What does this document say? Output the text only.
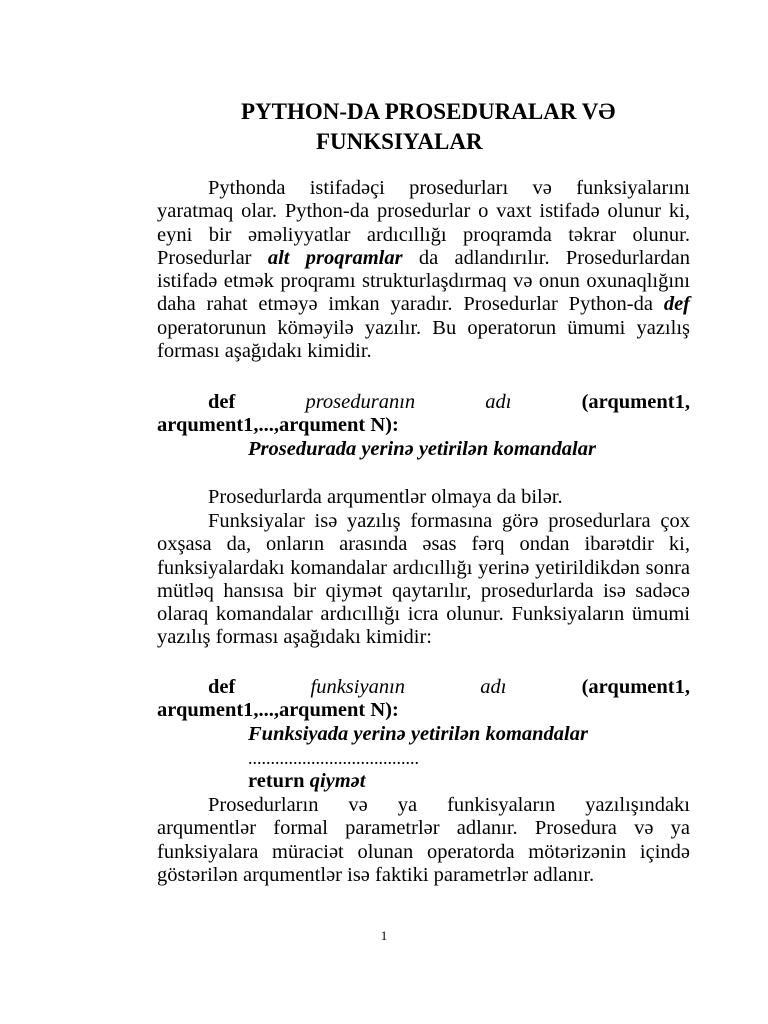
PYTHON-DA PROSEDURALAR VƏ
FUNKSIYALAR
Pythonda istifadəçi prosedurları və funksiyalarını yaratmaq olar. Python-da prosedurlar o vaxt istifadə olunur ki, eyni bir əməliyyatlar ardıcıllığı proqramda təkrar olunur. Prosedurlar alt proqramlar da adlandırılır. Prosedurlardan istifadə etmək proqramı strukturlaşdırmaq və onun oxunaqlığını daha rahat etməyə imkan yaradır. Prosedurlar Python-da def operatorunun köməyilə yazılır. Bu operatorun ümumi yazılış forması aşağıdakı kimidir.
def	prosedurаnın	adı	(arqument1,
arqument1,...,arqument N):
Prosedurada yerinə yetirilən komandalar
Prosedurlarda arqumentlər olmaya da bilər.
Funksiyalar isə yazılış formasına görə prosedurlara çox oxşasa da, onların arasında əsas fərq ondan ibarətdir ki, funksiyalardakı komandalar ardıcıllığı yerinə yetirildikdən sonra mütləq hansısa bir qiymət qaytarılır, prosedurlarda isə sadəcə olaraq komandalar ardıcıllığı icra olunur. Funksiyaların ümumi yazılış forması aşağıdakı kimidir:
def	funksiyanın	adı	(arqument1,
arqument1,...,arqument N):
Funksiyada yerinə yetirilən komandalar
......................................
return qiymət
Prosedurların və ya funkisyaların yazılışındakı arqumentlər formal parametrlər adlanır. Prosedura və ya funksiyalara müraciət olunan operatorda mötərizənin içində göstərilən arqumentlər isə faktiki parametrlər adlanır.
1
